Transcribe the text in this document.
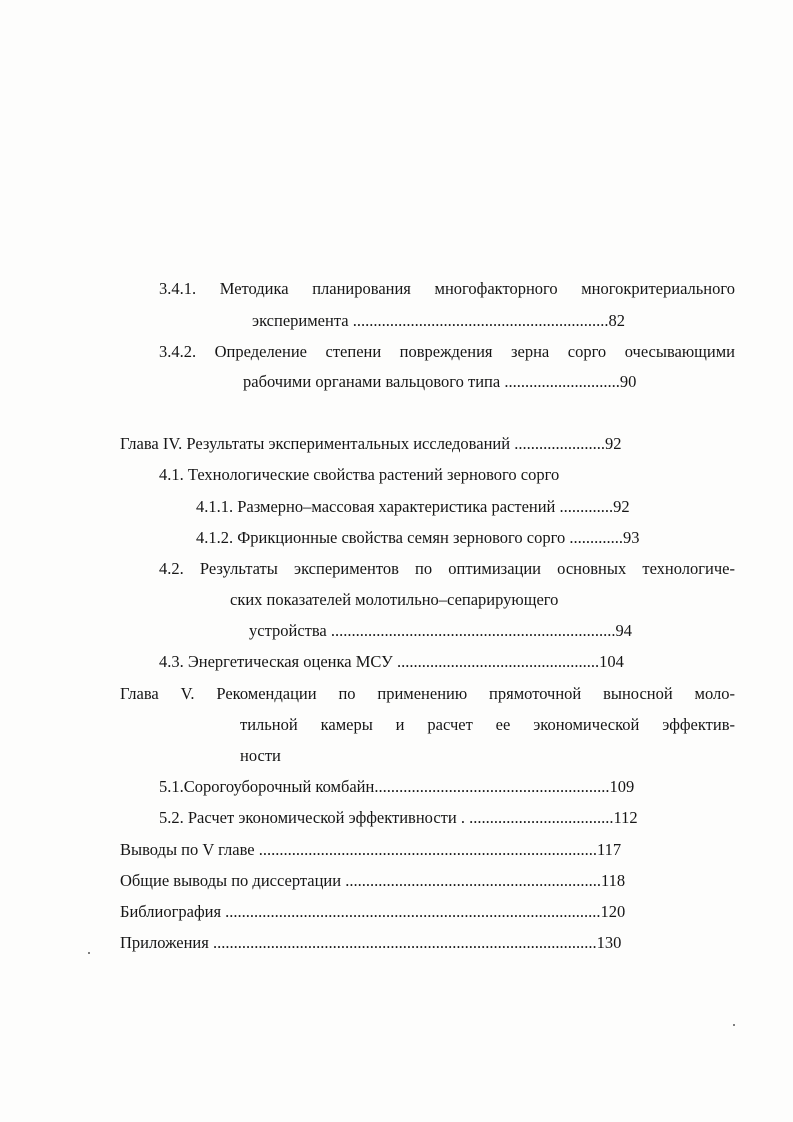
3.4.1. Методика планирования многофакторного многокритериального
эксперимента ..............................................................82
3.4.2. Определение степени повреждения зерна сорго очесывающими
рабочими органами вальцового типа ............................90
Глава IV. Результаты экспериментальных исследований ......................92
4.1. Технологические свойства растений зернового сорго
4.1.1. Размерно–массовая характеристика растений .............92
4.1.2. Фрикционные свойства семян зернового сорго .............93
4.2. Результаты экспериментов по оптимизации основных технологиче-
ских показателей молотильно–сепарирующего
устройства .....................................................................94
4.3. Энергетическая оценка МСУ .................................................104
Глава V. Рекомендации по применению прямоточной выносной моло-
тильной камеры и расчет ее экономической эффектив-
ности
5.1.Сорогоуборочный комбайн.........................................................109
5.2. Расчет экономической эффективности . ...................................112
Выводы по V главе ..................................................................................117
Общие выводы по диссертации ..............................................................118
Библиография ...........................................................................................120
Приложения .............................................................................................130
